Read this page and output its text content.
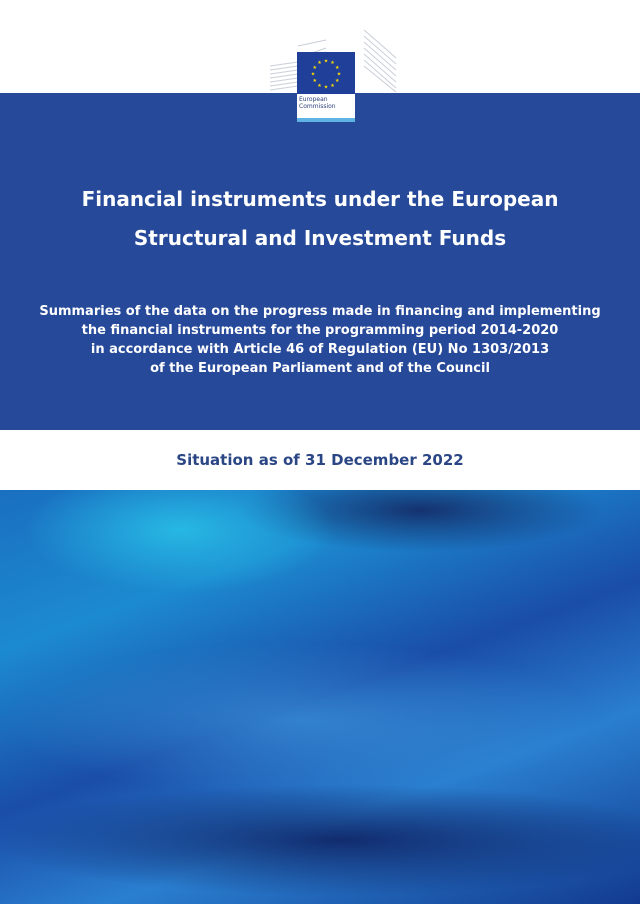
★ ★
★
★
★
★
★
★
★
★
★
★
European
Commission
Financial instruments under the European
Structural and Investment Funds
Summaries of the data on the progress made in financing and implementing
the financial instruments for the programming period 2014-2020
in accordance with Article 46 of Regulation (EU) No 1303/2013
of the European Parliament and of the Council
Situation as of 31 December 2022
